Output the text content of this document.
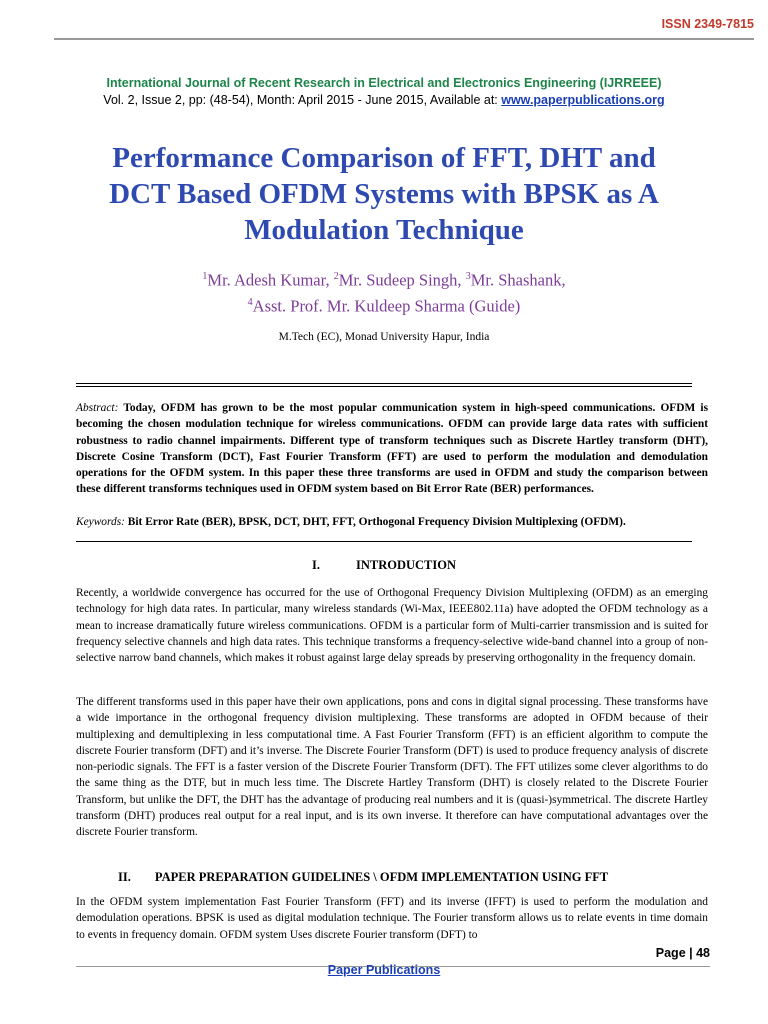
ISSN 2349-7815
International Journal of Recent Research in Electrical and Electronics Engineering (IJRREEE)
Vol. 2, Issue 2, pp: (48-54), Month: April 2015 - June 2015, Available at: www.paperpublications.org
Performance Comparison of FFT, DHT and
DCT Based OFDM Systems with BPSK as A
Modulation Technique
$^1$Mr. Adesh Kumar, $^2$Mr. Sudeep Singh, $^3$Mr. Shashank,
$^4$Asst. Prof. Mr. Kuldeep Sharma (Guide)
M.Tech (EC), Monad University Hapur, India
Abstract: Today, OFDM has grown to be the most popular communication system in high-speed communications. OFDM is becoming the chosen modulation technique for wireless communications. OFDM can provide large data rates with sufficient robustness to radio channel impairments. Different type of transform techniques such as Discrete Hartley transform (DHT), Discrete Cosine Transform (DCT), Fast Fourier Transform (FFT) are used to perform the modulation and demodulation operations for the OFDM system. In this paper these three transforms are used in OFDM and study the comparison between these different transforms techniques used in OFDM system based on Bit Error Rate (BER) performances.
Keywords: Bit Error Rate (BER), BPSK, DCT, DHT, FFT, Orthogonal Frequency Division Multiplexing (OFDM).
I.	INTRODUCTION
Recently, a worldwide convergence has occurred for the use of Orthogonal Frequency Division Multiplexing (OFDM) as an emerging technology for high data rates. In particular, many wireless standards (Wi-Max, IEEE802.11a) have adopted the OFDM technology as a mean to increase dramatically future wireless communications. OFDM is a particular form of Multi-carrier transmission and is suited for frequency selective channels and high data rates. This technique transforms a frequency-selective wide-band channel into a group of non-selective narrow band channels, which makes it robust against large delay spreads by preserving orthogonality in the frequency domain.
The different transforms used in this paper have their own applications, pons and cons in digital signal processing. These transforms have a wide importance in the orthogonal frequency division multiplexing. These transforms are adopted in OFDM because of their multiplexing and demultiplexing in less computational time. A Fast Fourier Transform (FFT) is an efficient algorithm to compute the discrete Fourier transform (DFT) and it’s inverse. The Discrete Fourier Transform (DFT) is used to produce frequency analysis of discrete non-periodic signals. The FFT is a faster version of the Discrete Fourier Transform (DFT). The FFT utilizes some clever algorithms to do the same thing as the DTF, but in much less time. The Discrete Hartley Transform (DHT) is closely related to the Discrete Fourier Transform, but unlike the DFT, the DHT has the advantage of producing real numbers and it is (quasi-)symmetrical. The discrete Hartley transform (DHT) produces real output for a real input, and is its own inverse. It therefore can have computational advantages over the discrete Fourier transform.
II. PAPER PREPARATION GUIDELINES \ OFDM IMPLEMENTATION USING FFT
In the OFDM system implementation Fast Fourier Transform (FFT) and its inverse (IFFT) is used to perform the modulation and demodulation operations. BPSK is used as digital modulation technique. The Fourier transform allows us to relate events in time domain to events in frequency domain. OFDM system Uses discrete Fourier transform (DFT) to
Page | 48
Paper Publications
